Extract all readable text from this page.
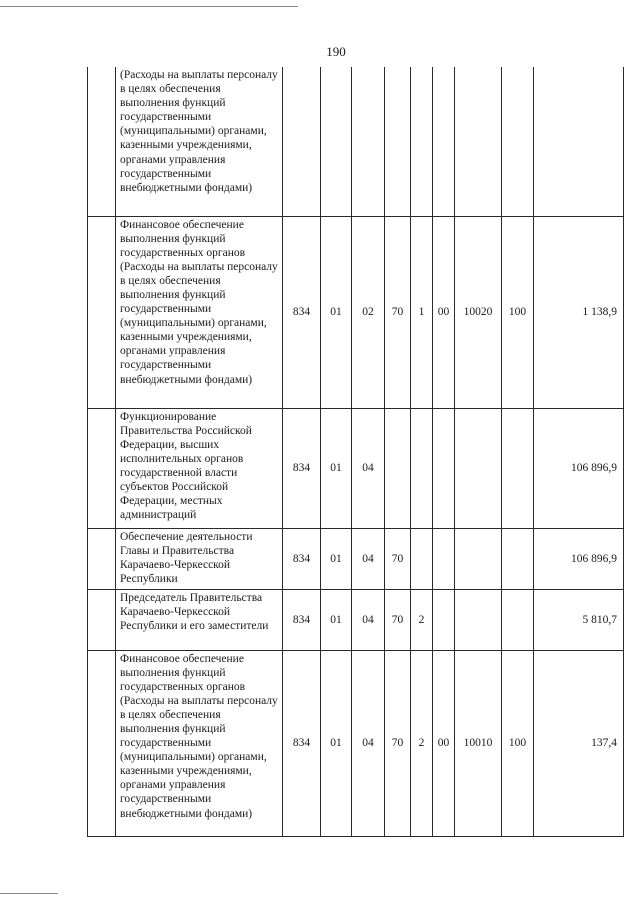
190
	(Расходы на выплаты персоналу в целях обеспечения выполнения функций государственными (муниципальными) органами, казенными учреждениями, органами управления государственными внебюджетными фондами)									
	Финансовое обеспечение выполнения функций государственных органов (Расходы на выплаты персоналу в целях обеспечения выполнения функций государственными (муниципальными) органами, казенными учреждениями, органами управления государственными внебюджетными фондами)	834	01	02	70	1	00	10020	100	1 138,9
	Функционирование Правительства Российской Федерации, высших исполнительных органов государственной власти субъектов Российской Федерации, местных администраций	834	01	04						106 896,9
	Обеспечение деятельности Главы и Правительства Карачаево-Черкесской Республики	834	01	04	70					106 896,9
	Председатель Правительства Карачаево-Черкесской Республики и его заместители	834	01	04	70	2				5 810,7
	Финансовое обеспечение выполнения функций государственных органов (Расходы на выплаты персоналу в целях обеспечения выполнения функций государственными (муниципальными) органами, казенными учреждениями, органами управления государственными внебюджетными фондами)	834	01	04	70	2	00	10010	100	137,4
